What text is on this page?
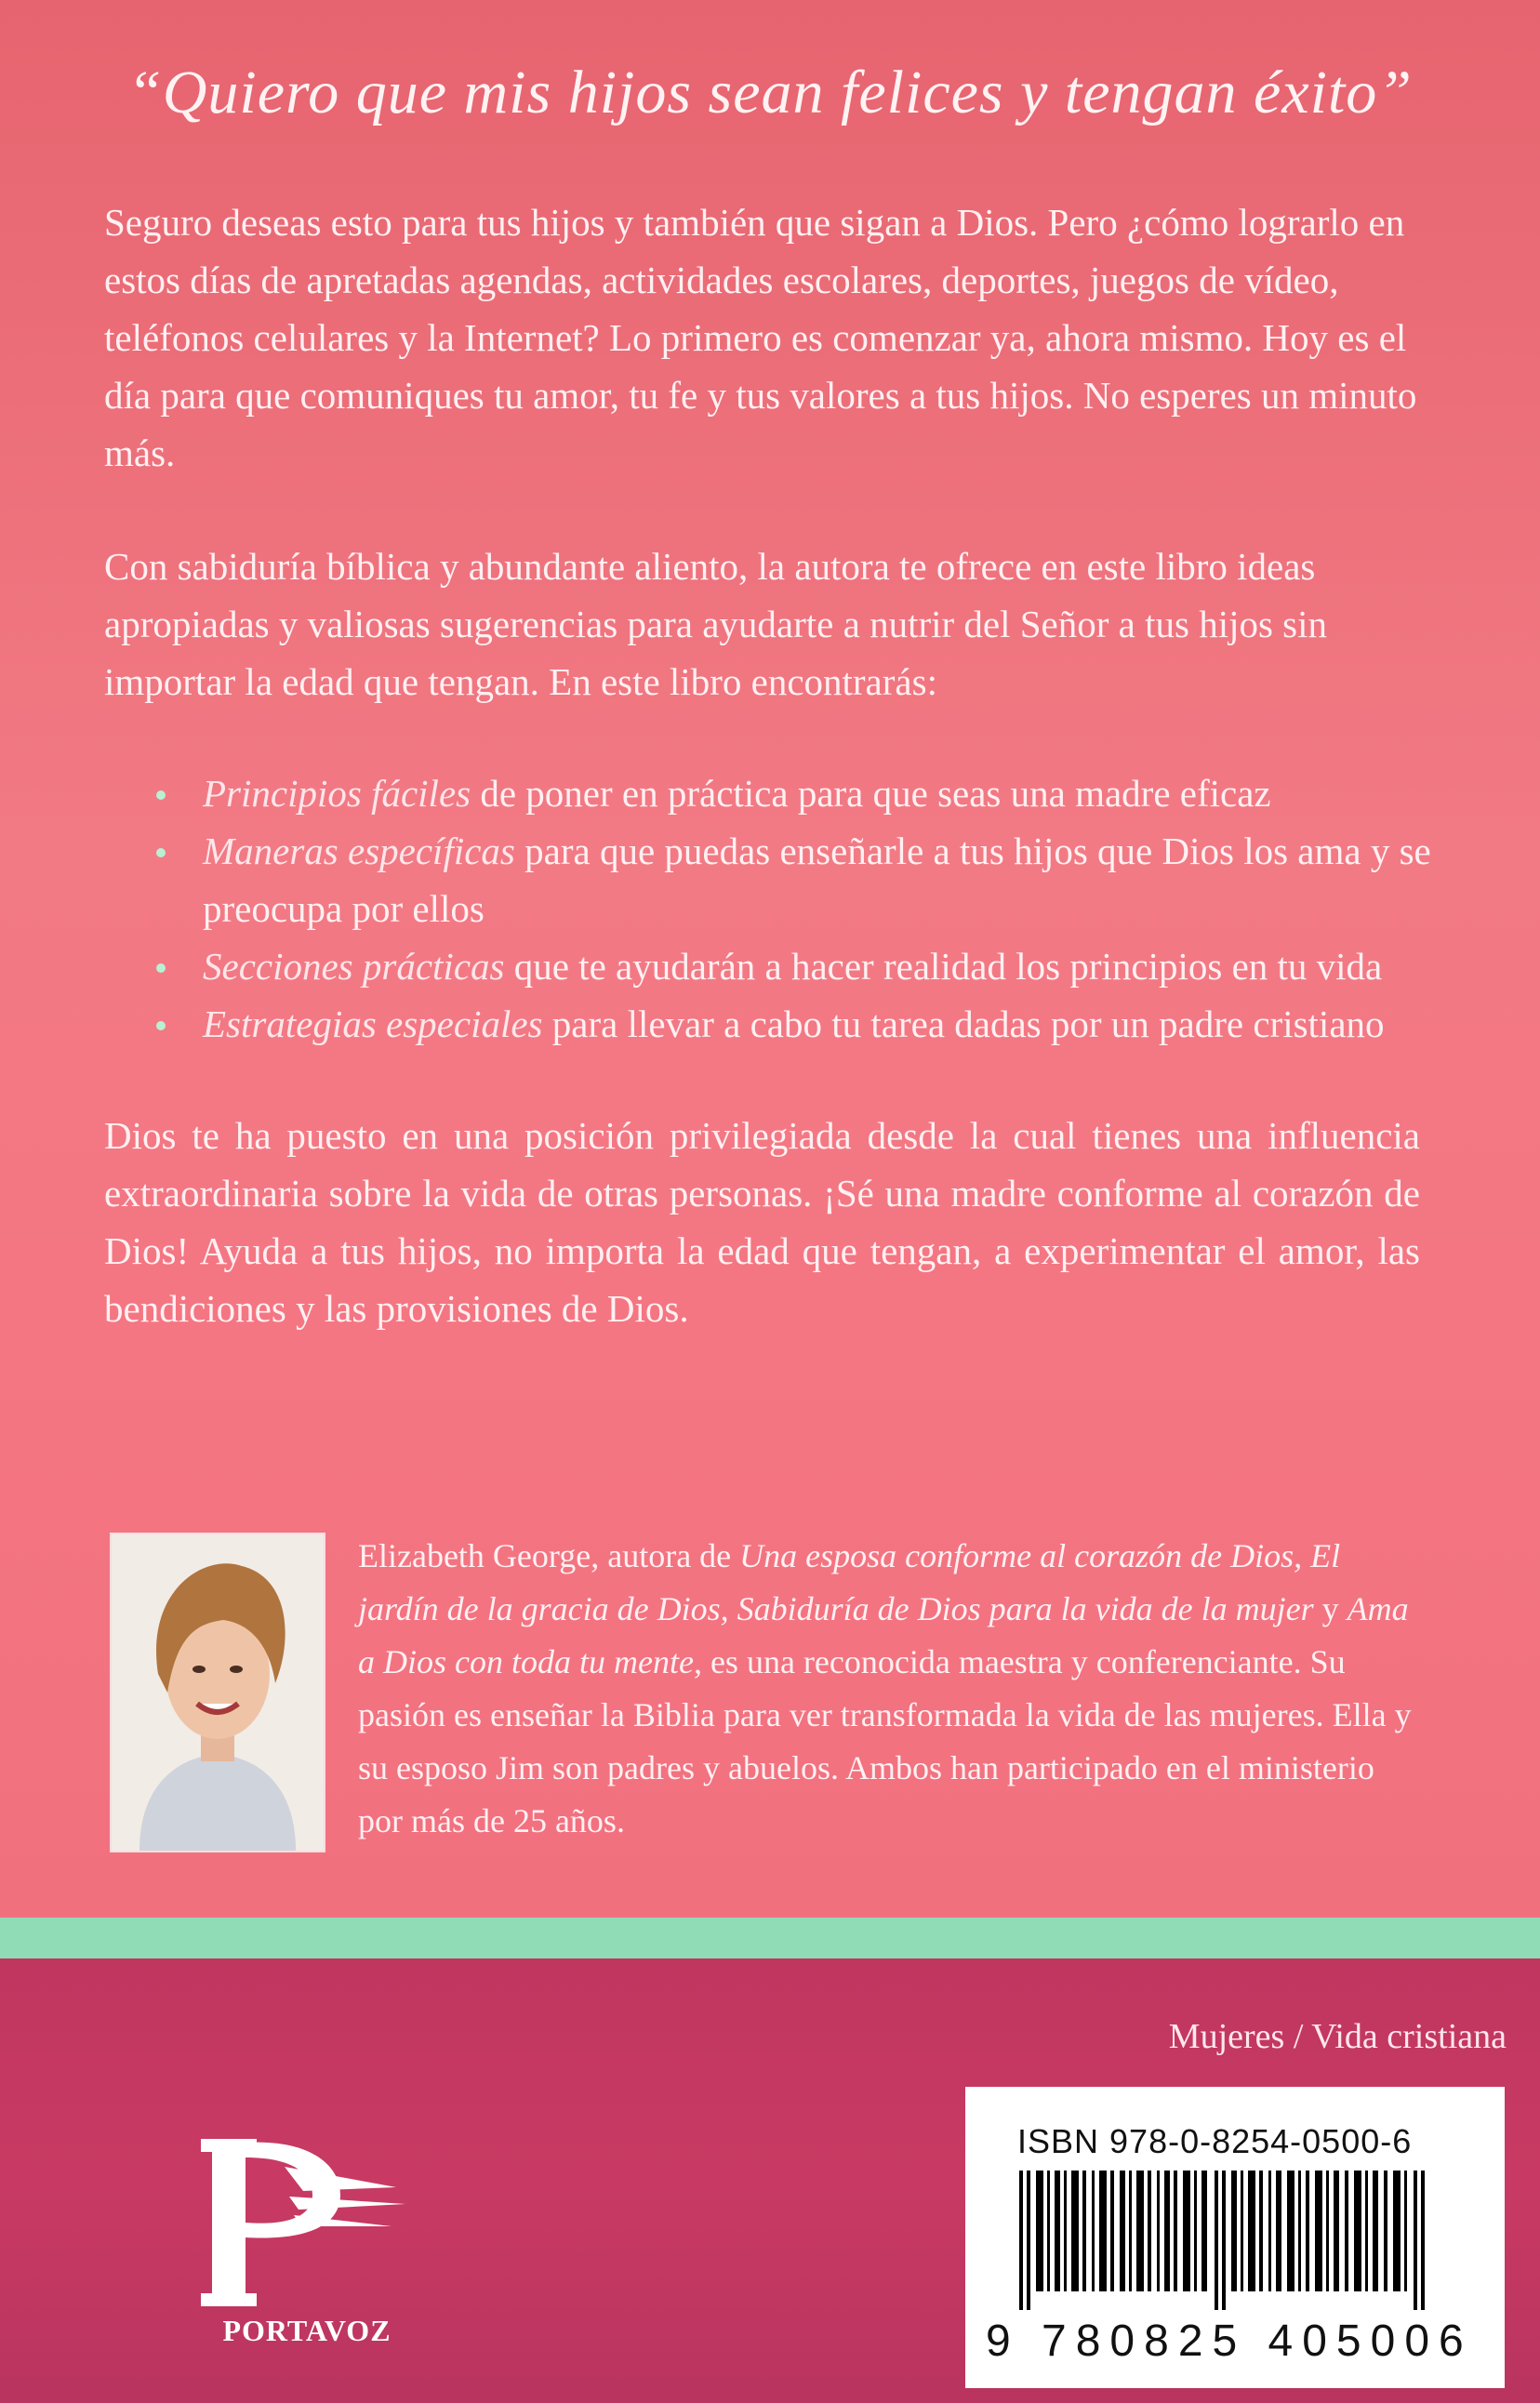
“Quiero que mis hijos sean felices y tengan éxito”
Seguro deseas esto para tus hijos y también que sigan a Dios. Pero ¿cómo lograrlo en estos días de apretadas agendas, actividades escolares, deportes, juegos de vídeo, teléfonos celulares y la Internet? Lo primero es comenzar ya, ahora mismo. Hoy es el día para que comuniques tu amor, tu fe y tus valores a tus hijos. No esperes un minuto más.
Con sabiduría bíblica y abundante aliento, la autora te ofrece en este libro ideas apropiadas y valiosas sugerencias para ayudarte a nutrir del Señor a tus hijos sin importar la edad que tengan. En este libro encontrarás:
Principios fáciles de poner en práctica para que seas una madre eficaz
Maneras específicas para que puedas enseñarle a tus hijos que Dios los ama y se preocupa por ellos
Secciones prácticas que te ayudarán a hacer realidad los principios en tu vida
Estrategias especiales para llevar a cabo tu tarea dadas por un padre cristiano
Dios te ha puesto en una posición privilegiada desde la cual tienes una influencia extraordinaria sobre la vida de otras personas. ¡Sé una madre conforme al corazón de Dios! Ayuda a tus hijos, no importa la edad que tengan, a experimentar el amor, las bendiciones y las provisiones de Dios.
Elizabeth George, autora de Una esposa conforme al corazón de Dios, El jardín de la gracia de Dios, Sabiduría de Dios para la vida de la mujer y Ama a Dios con toda tu mente, es una reconocida maestra y conferenciante. Su pasión es enseñar la Biblia para ver transformada la vida de las mujeres. Ella y su esposo Jim son padres y abuelos. Ambos han participado en el ministerio por más de 25 años.
Mujeres / Vida cristiana
PORTAVOZ
ISBN 978-0-8254-0500-6
9 780825 405006
